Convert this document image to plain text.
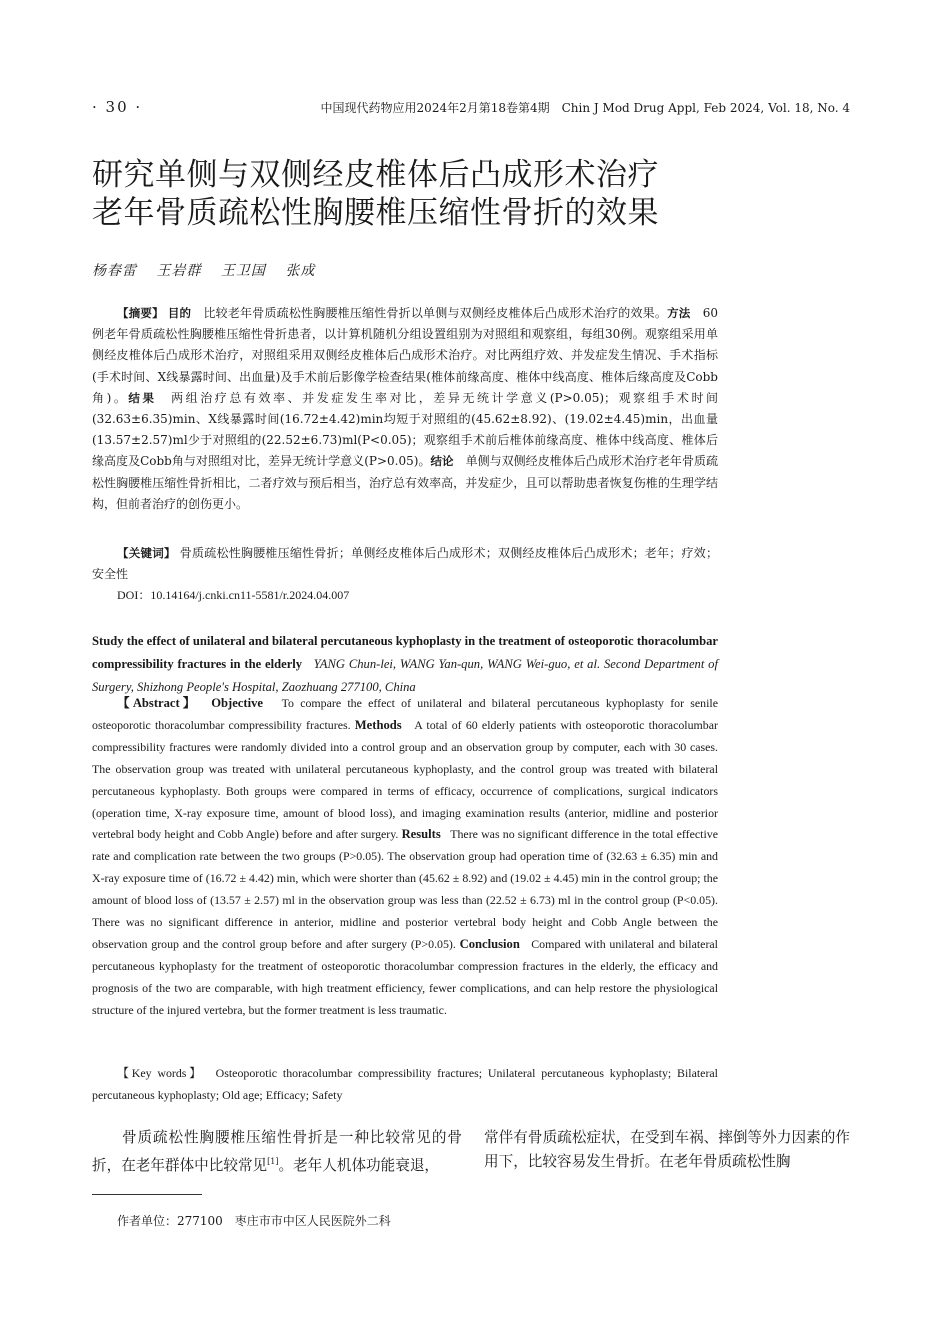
· 30 ·	中国现代药物应用2024年2月第18卷第4期　Chin J Mod Drug Appl, Feb 2024, Vol. 18, No. 4
研究单侧与双侧经皮椎体后凸成形术治疗
老年骨质疏松性胸腰椎压缩性骨折的效果
杨春雷 王岩群 王卫国 张成
【摘要】 目的　 比较老年骨质疏松性胸腰椎压缩性骨折以单侧与双侧经皮椎体后凸成形术治疗的效果。方法　 60例老年骨质疏松性胸腰椎压缩性骨折患者，以计算机随机分组设置组别为对照组和观察组，每组30例。观察组采用单侧经皮椎体后凸成形术治疗，对照组采用双侧经皮椎体后凸成形术治疗。对比两组疗效、并发症发生情况、手术指标(手术时间、X线暴露时间、出血量)及手术前后影像学检查结果(椎体前缘高度、椎体中线高度、椎体后缘高度及Cobb角)。结果　 两组治疗总有效率、并发症发生率对比，差异无统计学意义(P>0.05)；观察组手术时间(32.63±6.35)min、X线暴露时间(16.72±4.42)min均短于对照组的(45.62±8.92)、(19.02±4.45)min，出血量(13.57±2.57)ml少于对照组的(22.52±6.73)ml(P<0.05)；观察组手术前后椎体前缘高度、椎体中线高度、椎体后缘高度及Cobb角与对照组对比，差异无统计学意义(P>0.05)。结论　 单侧与双侧经皮椎体后凸成形术治疗老年骨质疏松性胸腰椎压缩性骨折相比，二者疗效与预后相当，治疗总有效率高，并发症少，且可以帮助患者恢复伤椎的生理学结构，但前者治疗的创伤更小。
【关键词】 骨质疏松性胸腰椎压缩性骨折；单侧经皮椎体后凸成形术；双侧经皮椎体后凸成形术；老年；疗效；安全性
DOI：10.14164/j.cnki.cn11-5581/r.2024.04.007
Study the effect of unilateral and bilateral percutaneous kyphoplasty in the treatment of osteoporotic thoracolumbar compressibility fractures in the elderly YANG Chun-lei, WANG Yan-qun, WANG Wei-guo, et al. Second Department of Surgery, Shizhong People's Hospital, Zaozhuang 277100, China
【Abstract】 Objective To compare the effect of unilateral and bilateral percutaneous kyphoplasty for senile osteoporotic thoracolumbar compressibility fractures. Methods A total of 60 elderly patients with osteoporotic thoracolumbar compressibility fractures were randomly divided into a control group and an observation group by computer, each with 30 cases. The observation group was treated with unilateral percutaneous kyphoplasty, and the control group was treated with bilateral percutaneous kyphoplasty. Both groups were compared in terms of efficacy, occurrence of complications, surgical indicators (operation time, X-ray exposure time, amount of blood loss), and imaging examination results (anterior, midline and posterior vertebral body height and Cobb Angle) before and after surgery. Results There was no significant difference in the total effective rate and complication rate between the two groups (P>0.05). The observation group had operation time of (32.63 ± 6.35) min and X-ray exposure time of (16.72 ± 4.42) min, which were shorter than (45.62 ± 8.92) and (19.02 ± 4.45) min in the control group; the amount of blood loss of (13.57 ± 2.57) ml in the observation group was less than (22.52 ± 6.73) ml in the control group (P<0.05). There was no significant difference in anterior, midline and posterior vertebral body height and Cobb Angle between the observation group and the control group before and after surgery (P>0.05). Conclusion Compared with unilateral and bilateral percutaneous kyphoplasty for the treatment of osteoporotic thoracolumbar compression fractures in the elderly, the efficacy and prognosis of the two are comparable, with high treatment efficiency, fewer complications, and can help restore the physiological structure of the injured vertebra, but the former treatment is less traumatic.
【Key words】 Osteoporotic thoracolumbar compressibility fractures; Unilateral percutaneous kyphoplasty; Bilateral percutaneous kyphoplasty; Old age; Efficacy; Safety
骨质疏松性胸腰椎压缩性骨折是一种比较常见的骨折，在老年群体中比较常见[1]。老年人机体功能衰退，
常伴有骨质疏松症状，在受到车祸、摔倒等外力因素的作用下，比较容易发生骨折。在老年骨质疏松性胸
作者单位：277100　枣庄市市中区人民医院外二科
